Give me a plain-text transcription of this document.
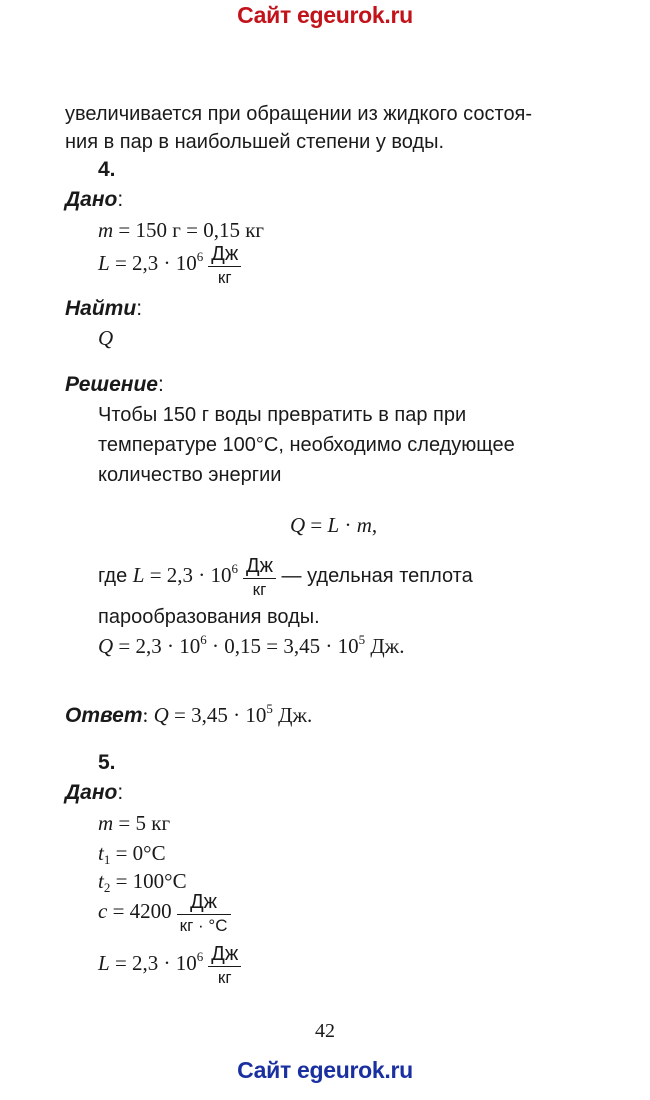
Сайт egeurok.ru
увеличивается при обращении из жидкого состоя-
ния в пар в наибольшей степени у воды.
4.
Дано:
m = 150 г = 0,15 кг
$L = 2,3 \cdot 10^6$ Дж
кг
Найти:
Q
Решение:
Чтобы 150 г воды превратить в пар при
температуре 100°С, необходимо следующее
количество энергии
Q = L · m,
где $L = 2,3 \cdot 10^6$ Дж
кг
— удельная теплота
парообразования воды.
$Q = 2,3 \cdot 10^6 \cdot 0,15 = 3,45 \cdot 10^5$ Дж.
Ответ: $Q = 3,45 \cdot 10^5$ Дж.
5.
Дано:
m = 5 кг
$t_1 = 0^\circ С$
$t_2 = 100^\circ С$
c = 4200 Дж
кг · °С
$L = 2,3 \cdot 10^6$ Дж
кг
42
Сайт egeurok.ru
